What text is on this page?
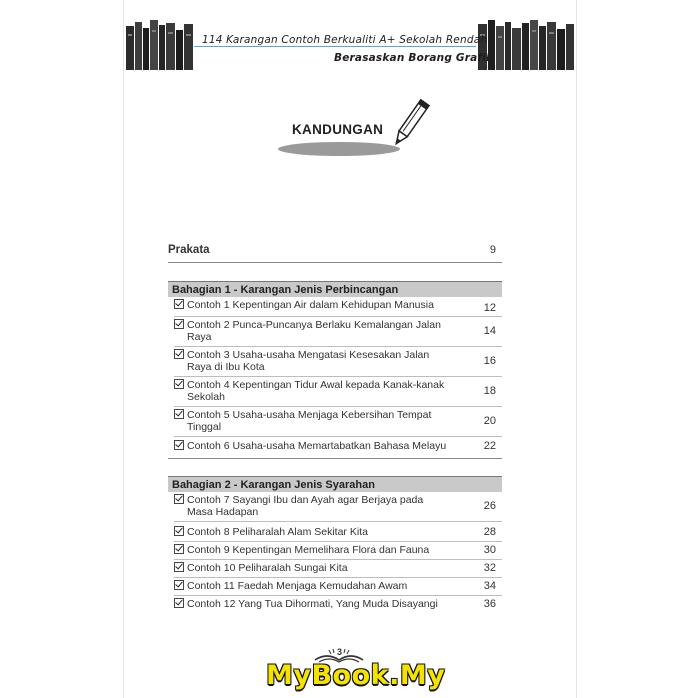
114 Karangan Contoh Berkualiti A+ Sekolah Rendah
Berasaskan Borang Grafik
KANDUNGAN
Prakata	9
Bahagian 1 - Karangan Jenis Perbincangan
Contoh 1 Kepentingan Air dalam Kehidupan Manusia	12
Contoh 2 Punca-Puncanya Berlaku Kemalangan Jalan Raya	14
Contoh 3 Usaha-usaha Mengatasi Kesesakan Jalan Raya di Ibu Kota	16
Contoh 4 Kepentingan Tidur Awal kepada Kanak-kanak Sekolah	18
Contoh 5 Usaha-usaha Menjaga Kebersihan Tempat Tinggal	20
Contoh 6 Usaha-usaha Memartabatkan Bahasa Melayu	22
Bahagian 2 - Karangan Jenis Syarahan
Contoh 7 Sayangi Ibu dan Ayah agar Berjaya pada Masa Hadapan	26
Contoh 8 Peliharalah Alam Sekitar Kita	28
Contoh 9 Kepentingan Memelihara Flora dan Fauna	30
Contoh 10 Peliharalah Sungai Kita	32
Contoh 11 Faedah Menjaga Kemudahan Awam	34
Contoh 12 Yang Tua Dihormati, Yang Muda Disayangi	36
3
MyBook.My
